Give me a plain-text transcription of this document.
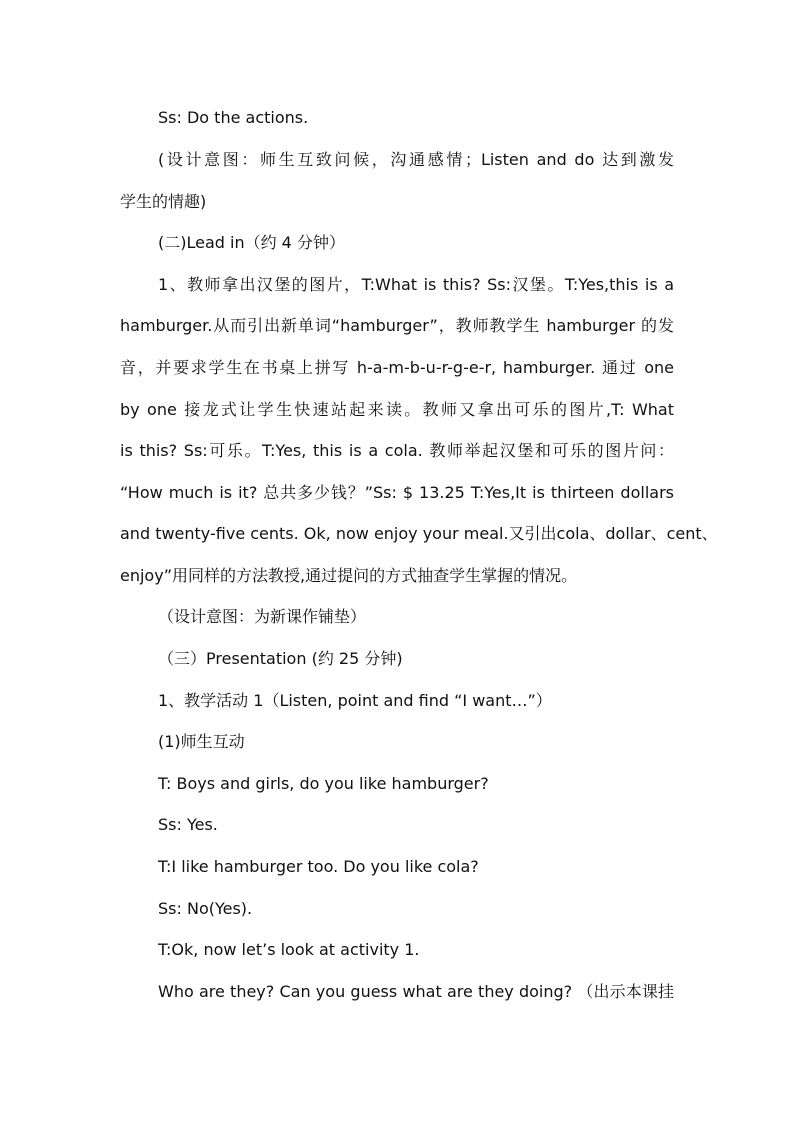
Ss: Do the actions.
(设计意图：师生互致问候，沟通感情；Listen and do 达到激发
学生的情趣)
(二)Lead in（约 4 分钟）
1、教师拿出汉堡的图片，T:What is this? Ss:汉堡。T:Yes,this is a
hamburger.从而引出新单词“hamburger”，教师教学生 hamburger 的发
音，并要求学生在书桌上拼写 h-a-m-b-u-r-g-e-r, hamburger. 通过 one
by one 接龙式让学生快速站起来读。教师又拿出可乐的图片,T: What
is this? Ss:可乐。T:Yes, this is a cola. 教师举起汉堡和可乐的图片问：
“How much is it? 总共多少钱？”Ss: $ 13.25 T:Yes,It is thirteen dollars
and twenty-five cents. Ok, now enjoy your meal.又引出cola、dollar、cent、
enjoy”用同样的方法教授,通过提问的方式抽查学生掌握的情况。
（设计意图：为新课作铺垫）
（三）Presentation (约 25 分钟)
1、教学活动 1（Listen, point and find “I want…”）
(1)师生互动
T: Boys and girls, do you like hamburger?
Ss: Yes.
T:I like hamburger too. Do you like cola?
Ss: No(Yes).
T:Ok, now let’s look at activity 1.
Who are they? Can you guess what are they doing? （出示本课挂
